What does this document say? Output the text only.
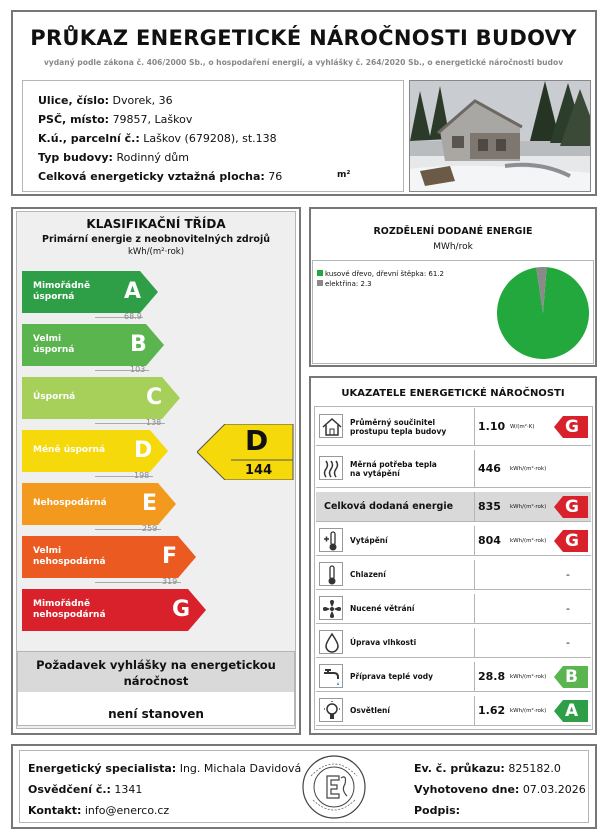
PRŮKAZ ENERGETICKÉ NÁROČNOSTI BUDOVY
vydaný podle zákona č. 406/2000 Sb., o hospodaření energií, a vyhlášky č. 264/2020 Sb., o energetické náročnosti budov
Ulice, číslo: Dvorek, 36
PSČ, místo: 79857, Laškov
K.ú., parcelní č.: Laškov (679208), st.138
Typ budovy: Rodinný dům
Celková energeticky vztažná plocha: 76	m²
KLASIFIKAČNÍ TŘÍDA
Primární energie z neobnovitelných zdrojů
kWh/(m²·rok)
Mimořádně
úsporná	A
68.9
Velmi
úsporná	B
103
Úsporná	C
138
Méně úsporná D
198
Nehospodárná E
259
Velmi
nehospodárná	F
319
Mimořádně
nehospodárná	G
D
144
Požadavek vyhlášky na energetickou náročnost
není stanoven
ROZDĚLENÍ DODANÉ ENERGIE
MWh/rok
kusové dřevo, dřevní štěpka: 61.2
elektřina: 2.3
UKAZATELE ENERGETICKÉ NÁROČNOSTI
Průměrný součinitel
prostupu tepla budovy	1.10 W/(m²·K) G
Měrná potřeba tepla
na vytápění	446	kWh/(m²·rok)
Celková dodaná energie 835	kWh/(m²·rok) G
Vytápění	804	kWh/(m²·rok) G
Chlazení	-
Nucené větrání	-
Úprava vlhkosti	-
Příprava teplé vody	28.8 kWh/(m²·rok) B
Osvětlení	1.62 kWh/(m²·rok) A
Energetický specialista: Ing. Michala Davidová
Osvědčení č.: 1341
Kontakt: info@enerco.cz
Ev. č. průkazu: 825182.0
Vyhotoveno dne: 07.03.2026
Podpis:
